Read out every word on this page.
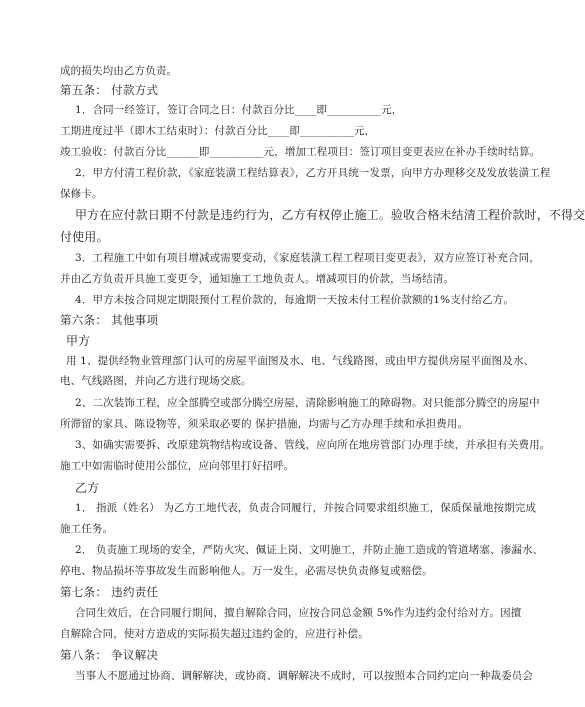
成的损失均由乙方负责。
第五条： 付款方式
1．合同一经签订，签订合同之日：付款百分比____即__________元，
工期进度过半（即木工结束时）：付款百分比____即__________元，
竣工验收：付款百分比______即__________元，增加工程项目：签订项目变更表应在补办手续时结算。
2．甲方付清工程价款，《家庭装潢工程结算表》，乙方开具统一发票，向甲方办理移交及发放装潢工程
保修卡。
甲方在应付款日期不付款是违约行为，乙方有权停止施工。验收合格未结清工程价款时，不得交
付使用。
3．工程施工中如有项目增减或需要变动，《家庭装潢工程工程项目变更表》，双方应签订补充合同，
并由乙方负责开具施工变更令，通知施工工地负责人。增减项目的价款，当场结清。
4．甲方未按合同规定期限预付工程价款的，每逾期一天按未付工程价款额的1%支付给乙方。
第六条： 其他事项
甲方
用 1、提供经物业管理部门认可的房屋平面图及水、电、气线路图，或由甲方提供房屋平面图及水、
电、气线路图，并向乙方进行现场交底。
2、二次装饰工程，应全部腾空或部分腾空房屋，清除影响施工的障碍物。对只能部分腾空的房屋中
所滞留的家具、陈设物等，须采取必要的 保护措施，均需与乙方办理手续和承担费用。
3、如确实需要拆、改原建筑物结构或设备、管线，应向所在地房管部门办理手续，并承担有关费用。
施工中如需临时使用公部位，应向邻里打好招呼。
乙方
1． 指派（姓名） 为乙方工地代表，负责合同履行，并按合同要求组织施工，保质保量地按期完成
施工任务。
2． 负责施工现场的安全，严防火灾、佩证上岗、文明施工，并防止施工造成的管道堵塞、渗漏水、
停电、物品损坏等事故发生而影响他人。万一发生，必需尽快负责修复或赔偿。
第七条： 违约责任
合同生效后，在合同履行期间，擅自解除合同，应按合同总金额 5%作为违约金付给对方。因擅
自解除合同，使对方造成的实际损失超过违约金的，应进行补偿。
第八条： 争议解决
当事人不愿通过协商、调解解决，或协商、调解解决不成时，可以按照本合同约定向一种裁委员会
